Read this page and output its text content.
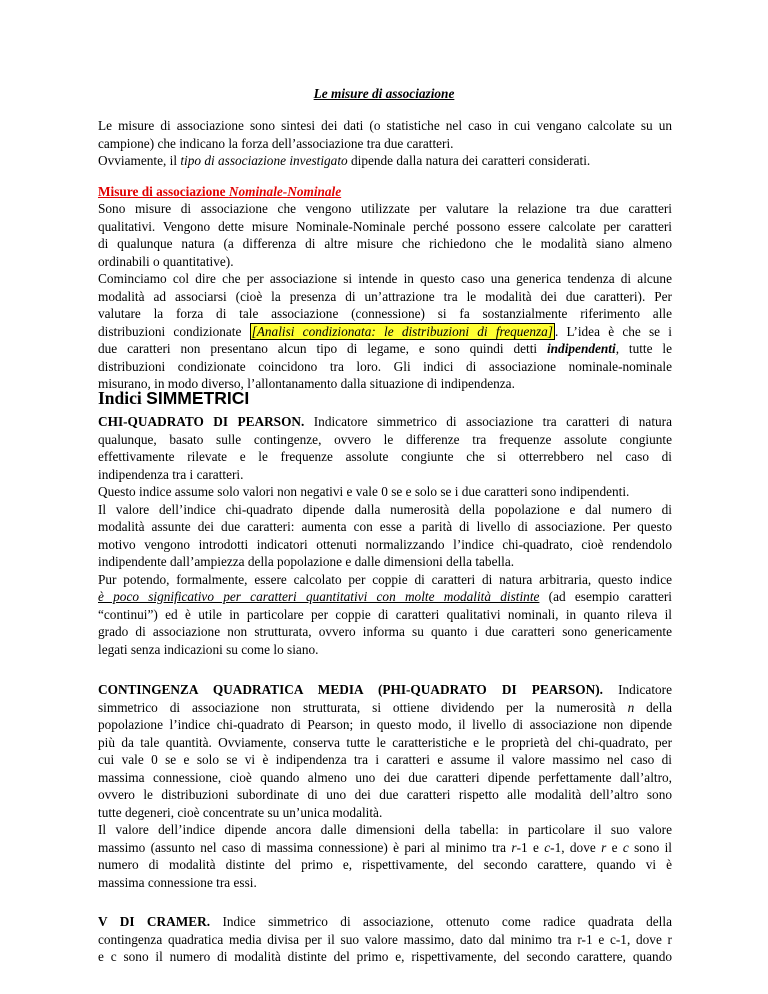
Le misure di associazione
Le misure di associazione sono sintesi dei dati (o statistiche nel caso in cui vengano calcolate su un
campione) che indicano la forza dell’associazione tra due caratteri.
Ovviamente, il tipo di associazione investigato dipende dalla natura dei caratteri considerati.
Misure di associazione Nominale-Nominale
Sono misure di associazione che vengono utilizzate per valutare la relazione tra due caratteri
qualitativi. Vengono dette misure Nominale-Nominale perché possono essere calcolate per caratteri
di qualunque natura (a differenza di altre misure che richiedono che le modalità siano almeno
ordinabili o quantitative).
Cominciamo col dire che per associazione si intende in questo caso una generica tendenza di alcune
modalità ad associarsi (cioè la presenza di un’attrazione tra le modalità dei due caratteri). Per
valutare la forza di tale associazione (connessione) si fa sostanzialmente riferimento alle
distribuzioni condizionate [Analisi condizionata: le distribuzioni di frequenza] . L’idea è che se i
due caratteri non presentano alcun tipo di legame, e sono quindi detti indipendenti, tutte le
distribuzioni condizionate coincidono tra loro. Gli indici di associazione nominale-nominale
misurano, in modo diverso, l’allontanamento dalla situazione di indipendenza.
Indici SIMMETRICI
CHI-QUADRATO DI PEARSON. Indicatore simmetrico di associazione tra caratteri di natura
qualunque, basato sulle contingenze, ovvero le differenze tra frequenze assolute congiunte
effettivamente rilevate e le frequenze assolute congiunte che si otterrebbero nel caso di
indipendenza tra i caratteri.
Questo indice assume solo valori non negativi e vale 0 se e solo se i due caratteri sono indipendenti.
Il valore dell’indice chi-quadrato dipende dalla numerosità della popolazione e dal numero di
modalità assunte dei due caratteri: aumenta con esse a parità di livello di associazione. Per questo
motivo vengono introdotti indicatori ottenuti normalizzando l’indice chi-quadrato, cioè rendendolo
indipendente dall’ampiezza della popolazione e dalle dimensioni della tabella.
Pur potendo, formalmente, essere calcolato per coppie di caratteri di natura arbitraria, questo indice
è poco significativo per caratteri quantitativi con molte modalità distinte (ad esempio caratteri
“continui”) ed è utile in particolare per coppie di caratteri qualitativi nominali, in quanto rileva il
grado di associazione non strutturata, ovvero informa su quanto i due caratteri sono genericamente
legati senza indicazioni su come lo siano.
CONTINGENZA QUADRATICA MEDIA (PHI-QUADRATO DI PEARSON). Indicatore
simmetrico di associazione non strutturata, si ottiene dividendo per la numerosità n della
popolazione l’indice chi-quadrato di Pearson; in questo modo, il livello di associazione non dipende
più da tale quantità. Ovviamente, conserva tutte le caratteristiche e le proprietà del chi-quadrato, per
cui vale 0 se e solo se vi è indipendenza tra i caratteri e assume il valore massimo nel caso di
massima connessione, cioè quando almeno uno dei due caratteri dipende perfettamente dall’altro,
ovvero le distribuzioni subordinate di uno dei due caratteri rispetto alle modalità dell’altro sono
tutte degeneri, cioè concentrate su un’unica modalità.
Il valore dell’indice dipende ancora dalle dimensioni della tabella: in particolare il suo valore
massimo (assunto nel caso di massima connessione) è pari al minimo tra r-1 e c-1, dove r e c sono il
numero di modalità distinte del primo e, rispettivamente, del secondo carattere, quando vi è
massima connessione tra essi.
V DI CRAMER. Indice simmetrico di associazione, ottenuto come radice quadrata della
contingenza quadratica media divisa per il suo valore massimo, dato dal minimo tra r-1 e c-1, dove r
e c sono il numero di modalità distinte del primo e, rispettivamente, del secondo carattere, quando
